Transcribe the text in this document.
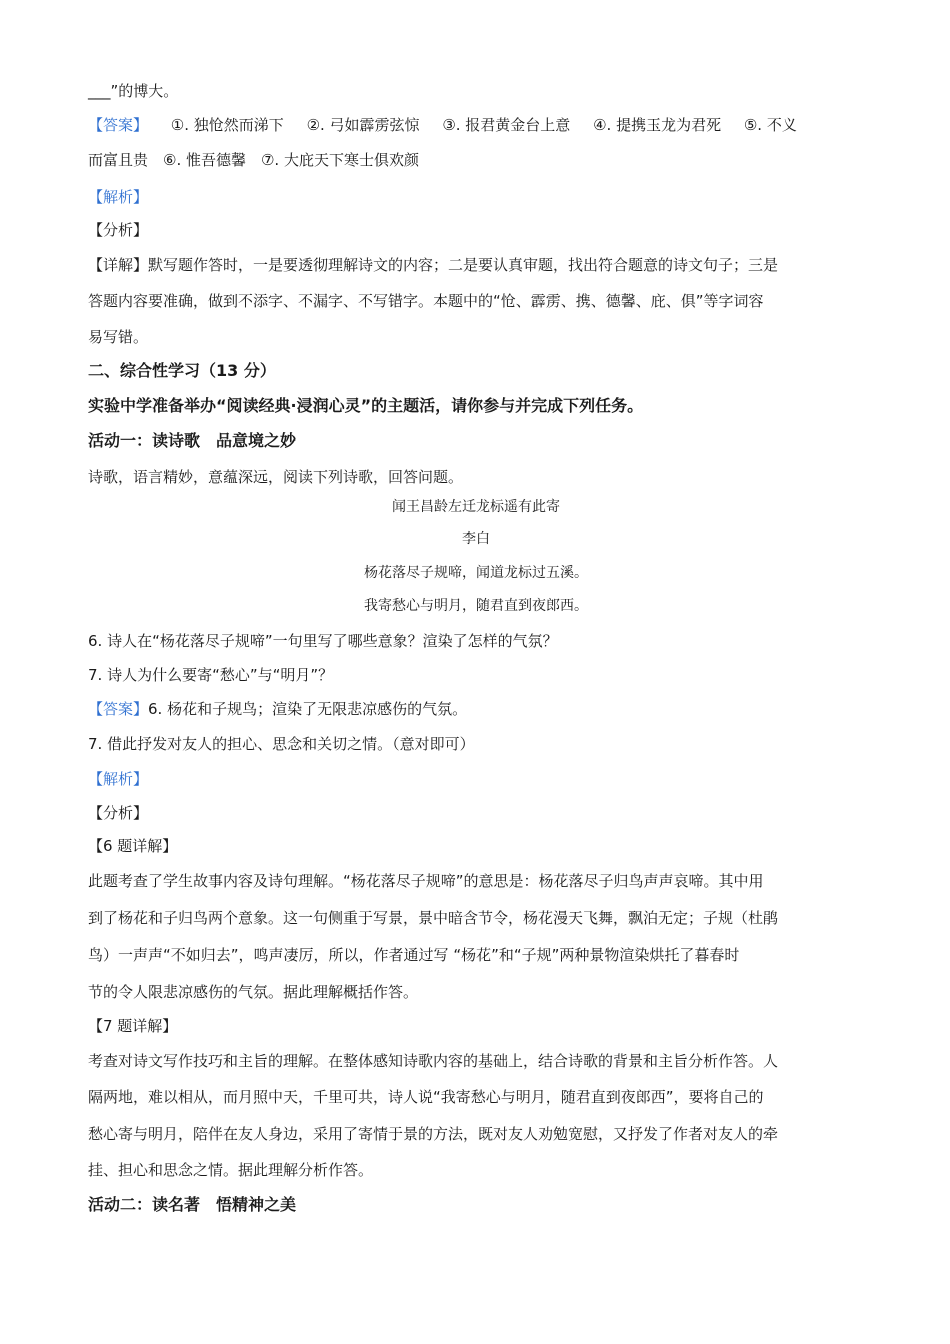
___”的博大。
【答案】 ①. 独怆然而涕下 ②. 弓如霹雳弦惊 ③. 报君黄金台上意 ④. 提携玉龙为君死 ⑤. 不义
而富且贵　⑥. 惟吾德馨　⑦. 大庇天下寒士俱欢颜
【解析】
【分析】
【详解】默写题作答时，一是要透彻理解诗文的内容；二是要认真审题，找出符合题意的诗文句子；三是
答题内容要准确，做到不添字、不漏字、不写错字。本题中的“怆、霹雳、携、德馨、庇、俱”等字词容
易写错。
二、综合性学习（13 分）
实验中学准备举办“阅读经典·浸润心灵”的主题活，请你参与并完成下列任务。
活动一：读诗歌　品意境之妙
诗歌，语言精妙，意蕴深远，阅读下列诗歌，回答问题。
闻王昌龄左迁龙标遥有此寄
李白
杨花落尽子规啼，闻道龙标过五溪。
我寄愁心与明月，随君直到夜郎西。
6. 诗人在“杨花落尽子规啼”一句里写了哪些意象？渲染了怎样的气氛？
7. 诗人为什么要寄“愁心”与“明月”？
【答案】6. 杨花和子规鸟；渲染了无限悲凉感伤的气氛。
7. 借此抒发对友人的担心、思念和关切之情。（意对即可）
【解析】
【分析】
【6 题详解】
此题考查了学生故事内容及诗句理解。“杨花落尽子规啼”的意思是：杨花落尽子归鸟声声哀啼。其中用
到了杨花和子归鸟两个意象。这一句侧重于写景，景中暗含节令，杨花漫天飞舞，飘泊无定；子规（杜鹃
鸟）一声声“不如归去”，鸣声凄厉，所以，作者通过写 “杨花”和“子规”两种景物渲染烘托了暮春时
节的令人限悲凉感伤的气氛。据此理解概括作答。
【7 题详解】
考查对诗文写作技巧和主旨的理解。在整体感知诗歌内容的基础上，结合诗歌的背景和主旨分析作答。人
隔两地，难以相从，而月照中天，千里可共，诗人说“我寄愁心与明月，随君直到夜郎西”，要将自己的
愁心寄与明月，陪伴在友人身边，采用了寄情于景的方法，既对友人劝勉宽慰，又抒发了作者对友人的牵
挂、担心和思念之情。据此理解分析作答。
活动二：读名著　悟精神之美
